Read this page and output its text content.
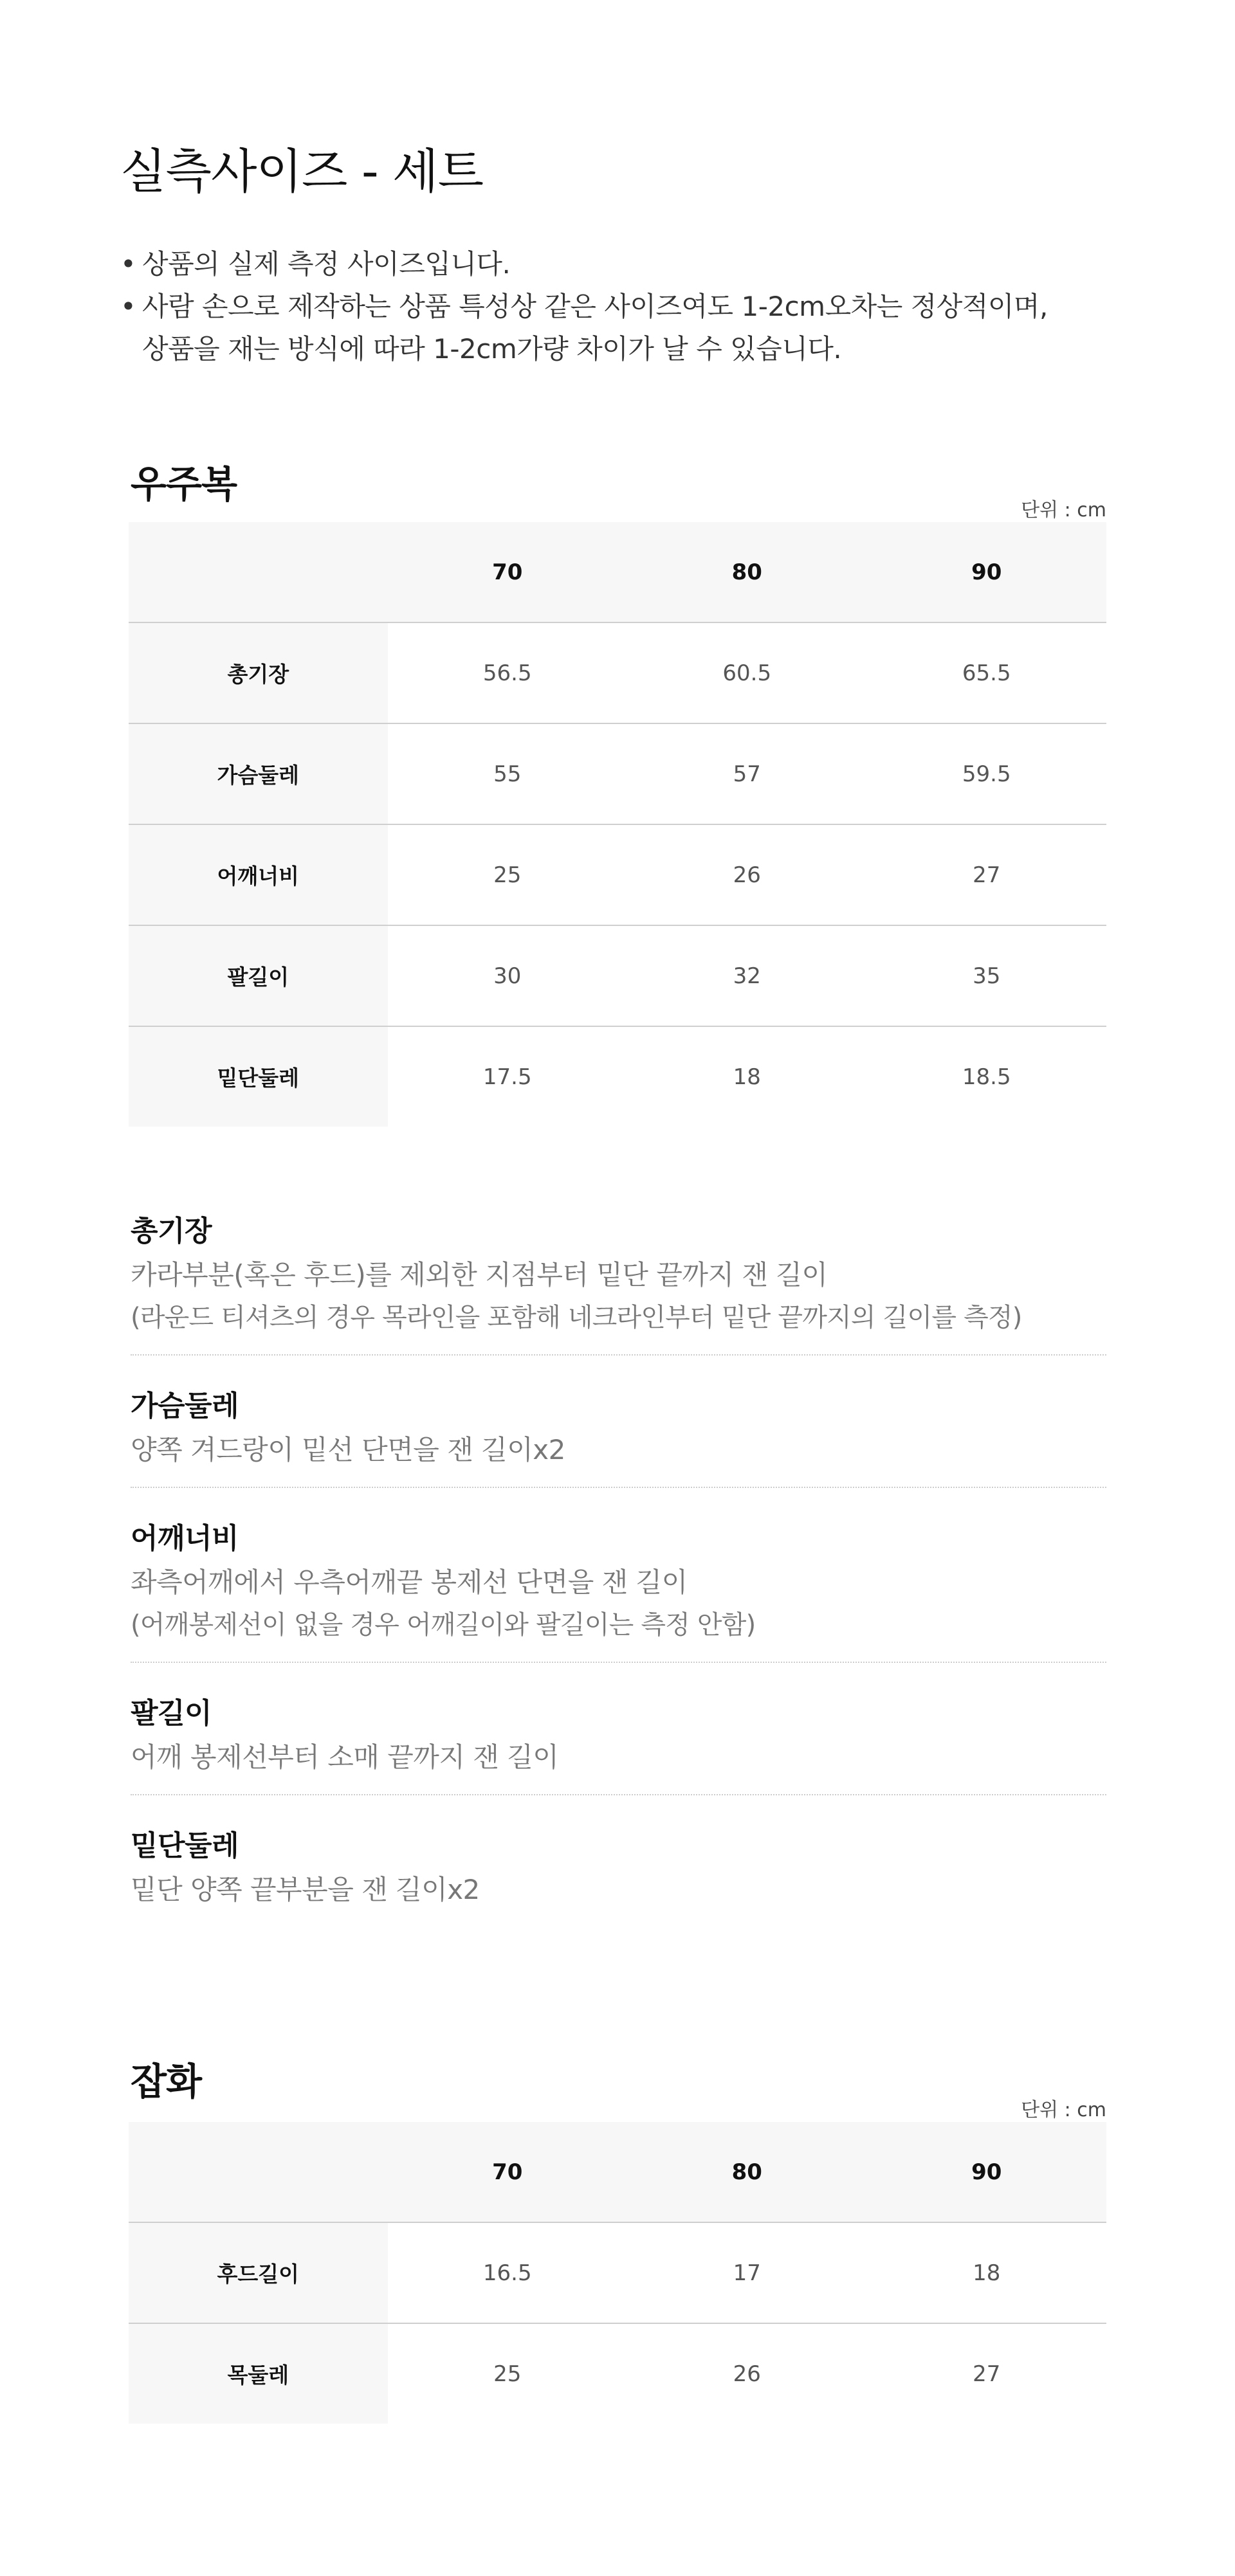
실측사이즈 - 세트
• 상품의 실제 측정 사이즈입니다.
• 사람 손으로 제작하는 상품 특성상 같은 사이즈여도 1-2cm오차는 정상적이며,
상품을 재는 방식에 따라 1-2cm가량 차이가 날 수 있습니다.
우주복
단위 : cm
	70	80	90
총기장	56.5	60.5	65.5
가슴둘레	55	57	59.5
어깨너비	25	26	27
팔길이	30	32	35
밑단둘레	17.5	18	18.5
총기장
카라부분(혹은 후드)를 제외한 지점부터 밑단 끝까지 잰 길이
(라운드 티셔츠의 경우 목라인을 포함해 네크라인부터 밑단 끝까지의 길이를 측정)
가슴둘레
양쪽 겨드랑이 밑선 단면을 잰 길이x2
어깨너비
좌측어깨에서 우측어깨끝 봉제선 단면을 잰 길이
(어깨봉제선이 없을 경우 어깨길이와 팔길이는 측정 안함)
팔길이
어깨 봉제선부터 소매 끝까지 잰 길이
밑단둘레
밑단 양쪽 끝부분을 잰 길이x2
잡화
단위 : cm
	70	80	90
후드길이	16.5	17	18
목둘레	25	26	27
